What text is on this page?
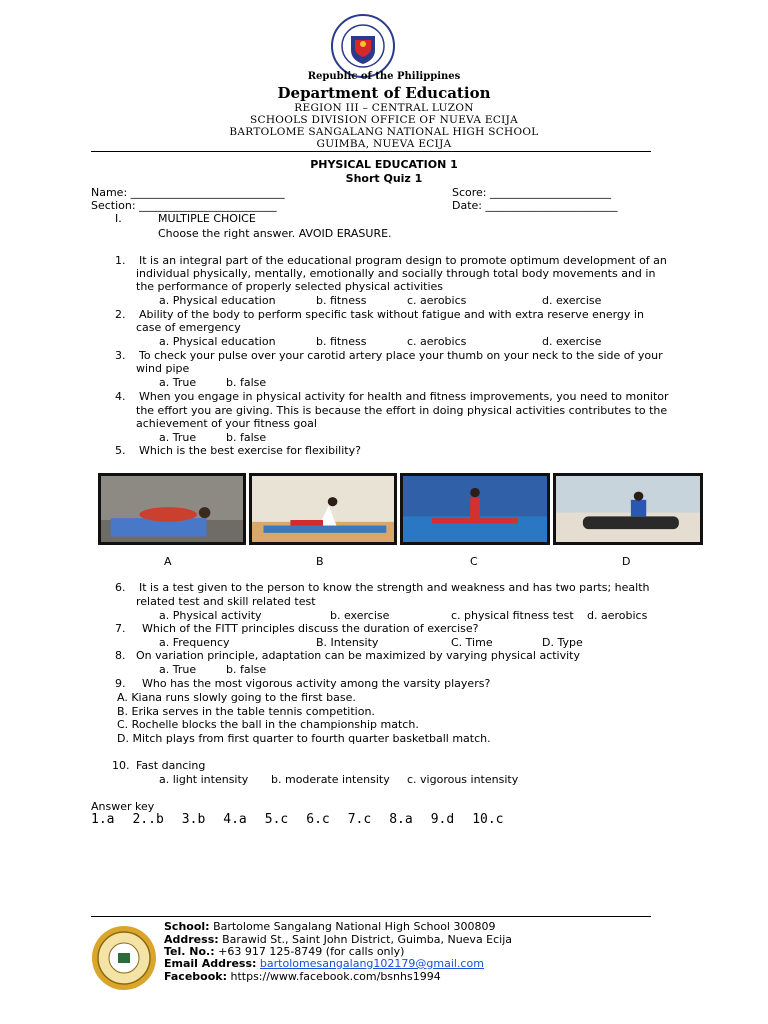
Republic of the Philippines
Department of Education
REGION III – CENTRAL LUZON
SCHOOLS DIVISION OFFICE OF NUEVA ECIJA
BARTOLOME SANGALANG NATIONAL HIGH SCHOOL
GUIMBA, NUEVA ECIJA
PHYSICAL EDUCATION 1
Short Quiz 1
Name: ____________________________	Score: ______________________
Section: _________________________	Date: ________________________
I.	MULTIPLE CHOICE
Choose the right answer. AVOID ERASURE.
1. It is an integral part of the educational program design to promote optimum development of an
individual physically, mentally, emotionally and socially through total body movements and in
the performance of properly selected physical activities
a. Physical education	b. fitness	c. aerobics	d. exercise
2. Ability of the body to perform specific task without fatigue and with extra reserve energy in
case of emergency
a. Physical education	b. fitness	c. aerobics	d. exercise
3. To check your pulse over your carotid artery place your thumb on your neck to the side of your
wind pipe
a. True	b. false
4. When you engage in physical activity for health and fitness improvements, you need to monitor
the effort you are giving. This is because the effort in doing physical activities contributes to the
achievement of your fitness goal
a. True	b. false
5. Which is the best exercise for flexibility?
A	B	C	D
6. It is a test given to the person to know the strength and weakness and has two parts; health
related test and skill related test
a. Physical activity	b. exercise	c. physical fitness test d. aerobics
7. Which of the FITT principles discuss the duration of exercise?
a. Frequency	B. Intensity	C. Time	D. Type
8. On variation principle, adaptation can be maximized by varying physical activity
a. True	b. false
9. Who has the most vigorous activity among the varsity players?
A. Kiana runs slowly going to the first base.
B. Erika serves in the table tennis competition.
C. Rochelle blocks the ball in the championship match.
D. Mitch plays from first quarter to fourth quarter basketball match.
10. Fast dancing
a. light intensity b. moderate intensity c. vigorous intensity
Answer key
1.a 2..b 3.b 4.a 5.c 6.c 7.c 8.a 9.d 10.c
School: Bartolome Sangalang National High School 300809
Address: Barawid St., Saint John District, Guimba, Nueva Ecija
Tel. No.: +63 917 125-8749 (for calls only)
Email Address: bartolomesangalang102179@gmail.com
Facebook: https://www.facebook.com/bsnhs1994
